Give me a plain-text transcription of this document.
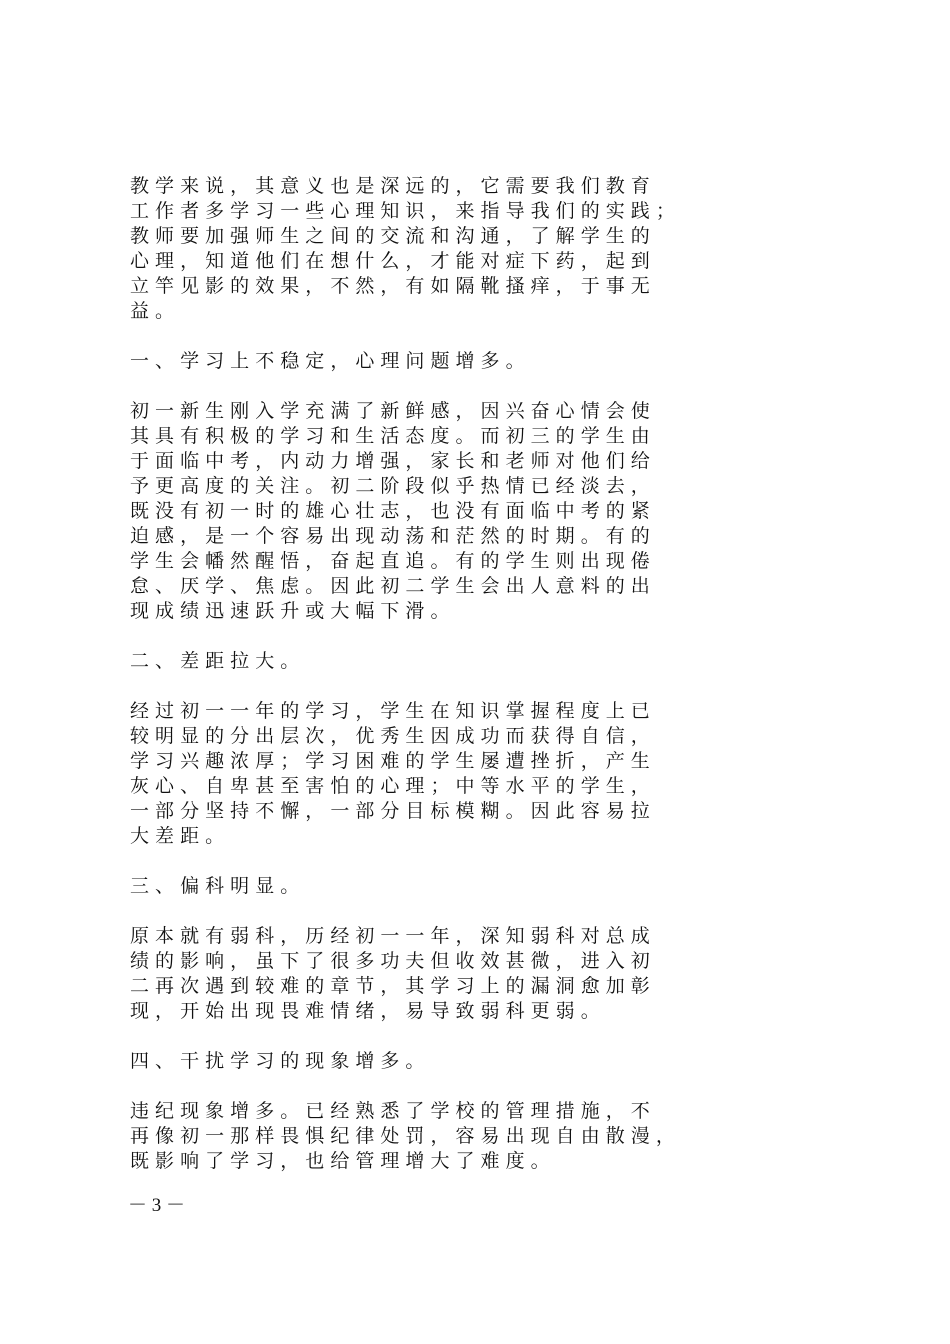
教 学 来 说 ， 其 意 义 也 是 深 远 的 ， 它 需 要 我 们 教 育
工 作 者 多 学 习 一 些 心 理 知 识 ， 来 指 导 我 们 的 实 践 ；
教 师 要 加 强 师 生 之 间 的 交 流 和 沟 通 ， 了 解 学 生 的
心 理 ， 知 道 他 们 在 想 什 么 ， 才 能 对 症 下 药 ， 起 到
立 竿 见 影 的 效 果 ， 不 然 ， 有 如 隔 靴 搔 痒 ， 于 事 无
益 。
一 、 学 习 上 不 稳 定 ， 心 理 问 题 增 多 。
初 一 新 生 刚 入 学 充 满 了 新 鲜 感 ， 因 兴 奋 心 情 会 使
其 具 有 积 极 的 学 习 和 生 活 态 度 。 而 初 三 的 学 生 由
于 面 临 中 考 ， 内 动 力 增 强 ， 家 长 和 老 师 对 他 们 给
予 更 高 度 的 关 注 。 初 二 阶 段 似 乎 热 情 已 经 淡 去 ，
既 没 有 初 一 时 的 雄 心 壮 志 ， 也 没 有 面 临 中 考 的 紧
迫 感 ， 是 一 个 容 易 出 现 动 荡 和 茫 然 的 时 期 。 有 的
学 生 会 幡 然 醒 悟 ， 奋 起 直 追 。 有 的 学 生 则 出 现 倦
怠 、 厌 学 、 焦 虑 。 因 此 初 二 学 生 会 出 人 意 料 的 出
现 成 绩 迅 速 跃 升 或 大 幅 下 滑 。
二 、 差 距 拉 大 。
经 过 初 一 一 年 的 学 习 ， 学 生 在 知 识 掌 握 程 度 上 已
较 明 显 的 分 出 层 次 ， 优 秀 生 因 成 功 而 获 得 自 信 ，
学 习 兴 趣 浓 厚 ； 学 习 困 难 的 学 生 屡 遭 挫 折 ， 产 生
灰 心 、 自 卑 甚 至 害 怕 的 心 理 ； 中 等 水 平 的 学 生 ，
一 部 分 坚 持 不 懈 ， 一 部 分 目 标 模 糊 。 因 此 容 易 拉
大 差 距 。
三 、 偏 科 明 显 。
原 本 就 有 弱 科 ， 历 经 初 一 一 年 ， 深 知 弱 科 对 总 成
绩 的 影 响 ， 虽 下 了 很 多 功 夫 但 收 效 甚 微 ， 进 入 初
二 再 次 遇 到 较 难 的 章 节 ， 其 学 习 上 的 漏 洞 愈 加 彰
现 ， 开 始 出 现 畏 难 情 绪 ， 易 导 致 弱 科 更 弱 。
四 、 干 扰 学 习 的 现 象 增 多 。
违 纪 现 象 增 多 。 已 经 熟 悉 了 学 校 的 管 理 措 施 ， 不
再 像 初 一 那 样 畏 惧 纪 律 处 罚 ， 容 易 出 现 自 由 散 漫 ，
既 影 响 了 学 习 ， 也 给 管 理 增 大 了 难 度 。
－ 3 －
